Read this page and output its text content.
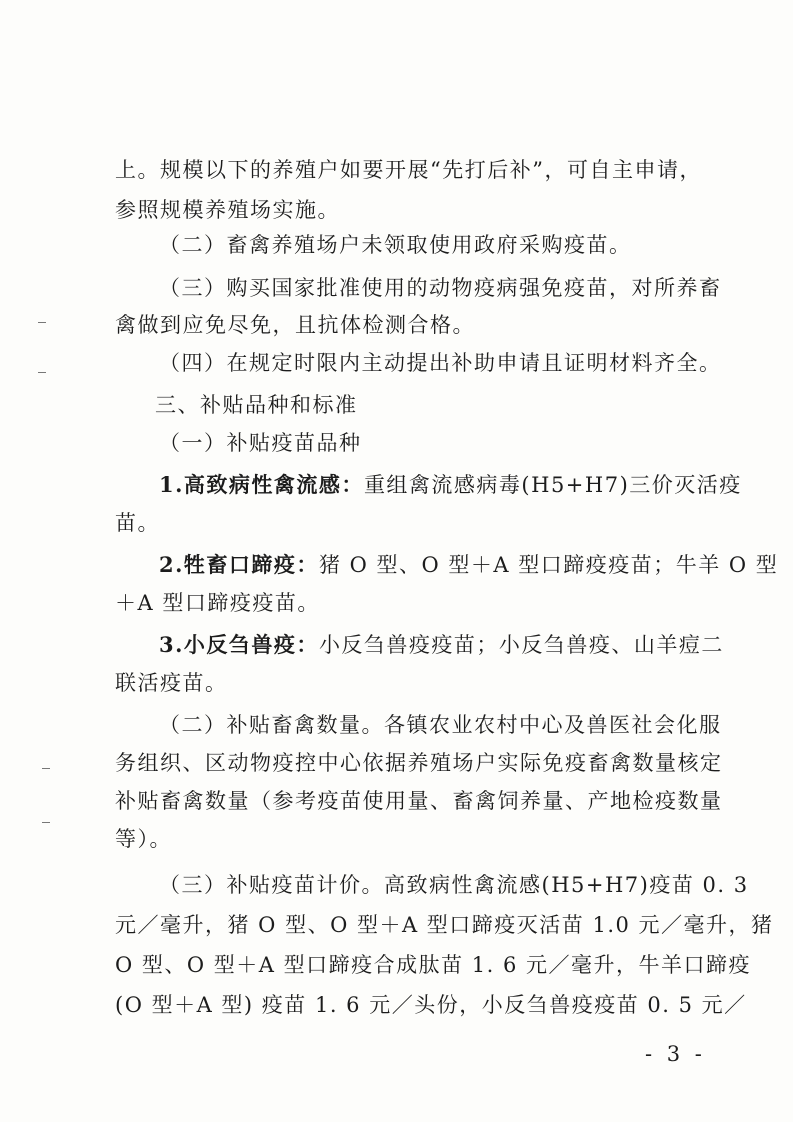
上。规模以下的养殖户如要开展“先打后补”，可自主申请，

参照规模养殖场实施。

（二）畜禽养殖场户未领取使用政府采购疫苗。

（三）购买国家批准使用的动物疫病强免疫苗，对所养畜

禽做到应免尽免，且抗体检测合格。

（四）在规定时限内主动提出补助申请且证明材料齐全。

三、补贴品种和标准

（一）补贴疫苗品种

1.高致病性禽流感：重组禽流感病毒(H5+H7)三价灭活疫

苗。

2.牲畜口蹄疫：猪 O 型、O 型＋A 型口蹄疫疫苗；牛羊 O 型

＋A 型口蹄疫疫苗。

3.小反刍兽疫：小反刍兽疫疫苗；小反刍兽疫、山羊痘二

联活疫苗。

（二）补贴畜禽数量。各镇农业农村中心及兽医社会化服

务组织、区动物疫控中心依据养殖场户实际免疫畜禽数量核定

补贴畜禽数量（参考疫苗使用量、畜禽饲养量、产地检疫数量

等）。

（三）补贴疫苗计价。高致病性禽流感(H5+H7)疫苗 0. 3

元／毫升，猪 O 型、O 型＋A 型口蹄疫灭活苗 1.0 元／毫升，猪

O 型、O 型＋A 型口蹄疫合成肽苗 1. 6 元／毫升，牛羊口蹄疫

(O 型＋A 型) 疫苗 1. 6 元／头份，小反刍兽疫疫苗 0. 5 元／

- 3 -
